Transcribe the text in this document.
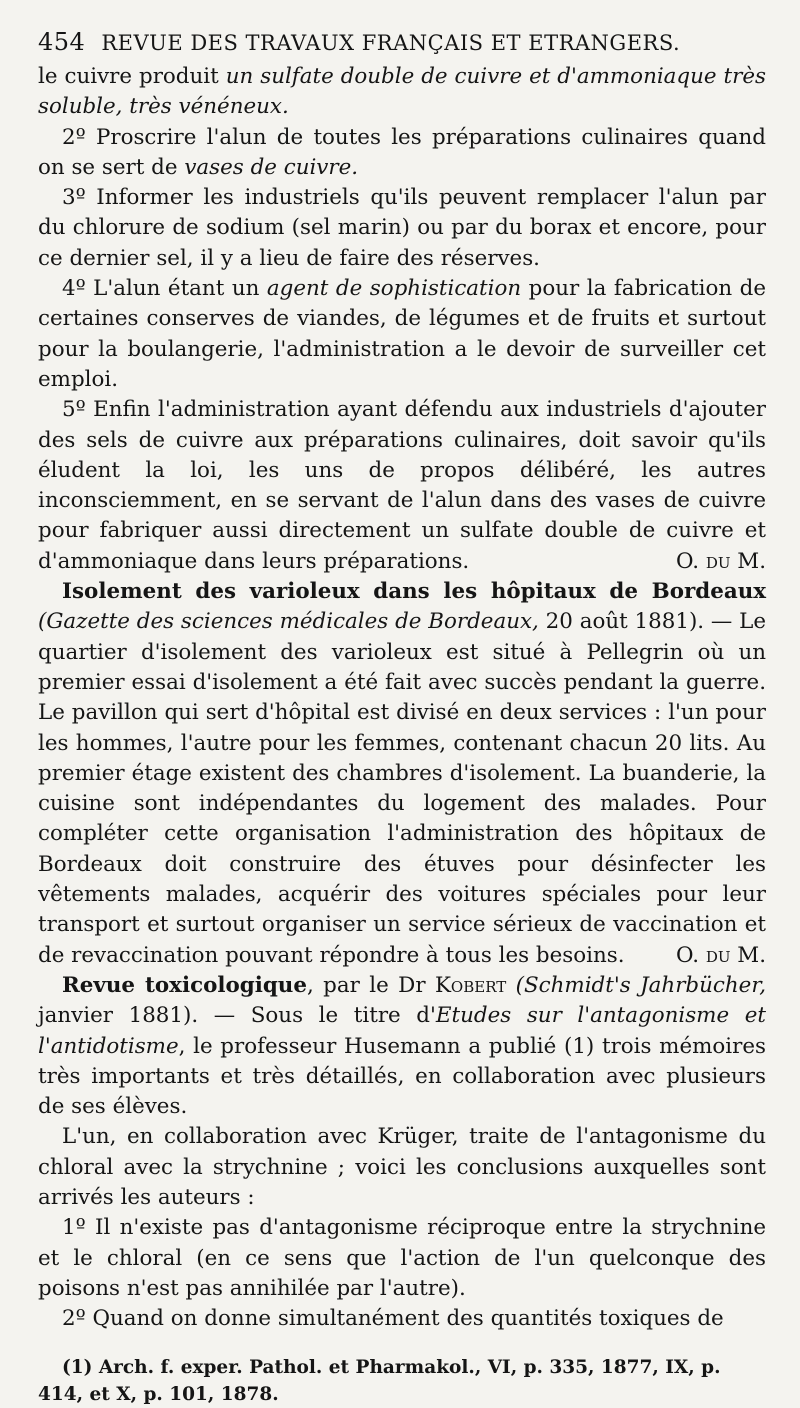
454 REVUE DES TRAVAUX FRANÇAIS ET ETRANGERS.

le cuivre produit un sulfate double de cuivre et d'ammoniaque très soluble, très vénéneux.

2º Proscrire l'alun de toutes les préparations culinaires quand on se sert de vases de cuivre.

3º Informer les industriels qu'ils peuvent remplacer l'alun par du chlorure de sodium (sel marin) ou par du borax et encore, pour ce dernier sel, il y a lieu de faire des réserves.

4º L'alun étant un agent de sophistication pour la fabrication de certaines conserves de viandes, de légumes et de fruits et surtout pour la boulangerie, l'administration a le devoir de surveiller cet emploi.

5º Enfin l'administration ayant défendu aux industriels d'ajouter des sels de cuivre aux préparations culinaires, doit savoir qu'ils éludent la loi, les uns de propos délibéré, les autres inconsciemment, en se servant de l'alun dans des vases de cuivre pour fabriquer aussi directement un sulfate double de cuivre et d'ammoniaque dans leurs préparations.	O. du M.

Isolement des varioleux dans les hôpitaux de Bordeaux (Gazette des sciences médicales de Bordeaux, 20 août 1881). — Le quartier d'isolement des varioleux est situé à Pellegrin où un premier essai d'isolement a été fait avec succès pendant la guerre. Le pavillon qui sert d'hôpital est divisé en deux services : l'un pour les hommes, l'autre pour les femmes, contenant chacun 20 lits. Au premier étage existent des chambres d'isolement. La buanderie, la cuisine sont indépendantes du logement des malades. Pour compléter cette organisation l'administration des hôpitaux de Bordeaux doit construire des étuves pour désinfecter les vêtements malades, acquérir des voitures spéciales pour leur transport et surtout organiser un service sérieux de vaccination et de revaccination pouvant répondre à tous les besoins.	O. du M.

Revue toxicologique, par le Dr Kobert (Schmidt's Jahrbücher, janvier 1881). — Sous le titre d'Etudes sur l'antagonisme et l'antidotisme, le professeur Husemann a publié (1) trois mémoires très importants et très détaillés, en collaboration avec plusieurs de ses élèves.

L'un, en collaboration avec Krüger, traite de l'antagonisme du chloral avec la strychnine ; voici les conclusions auxquelles sont arrivés les auteurs :

1º Il n'existe pas d'antagonisme réciproque entre la strychnine et le chloral (en ce sens que l'action de l'un quelconque des poisons n'est pas annihilée par l'autre).

2º Quand on donne simultanément des quantités toxiques de

(1) Arch. f. exper. Pathol. et Pharmakol., VI, p. 335, 1877, IX, p. 414, et X, p. 101, 1878.
